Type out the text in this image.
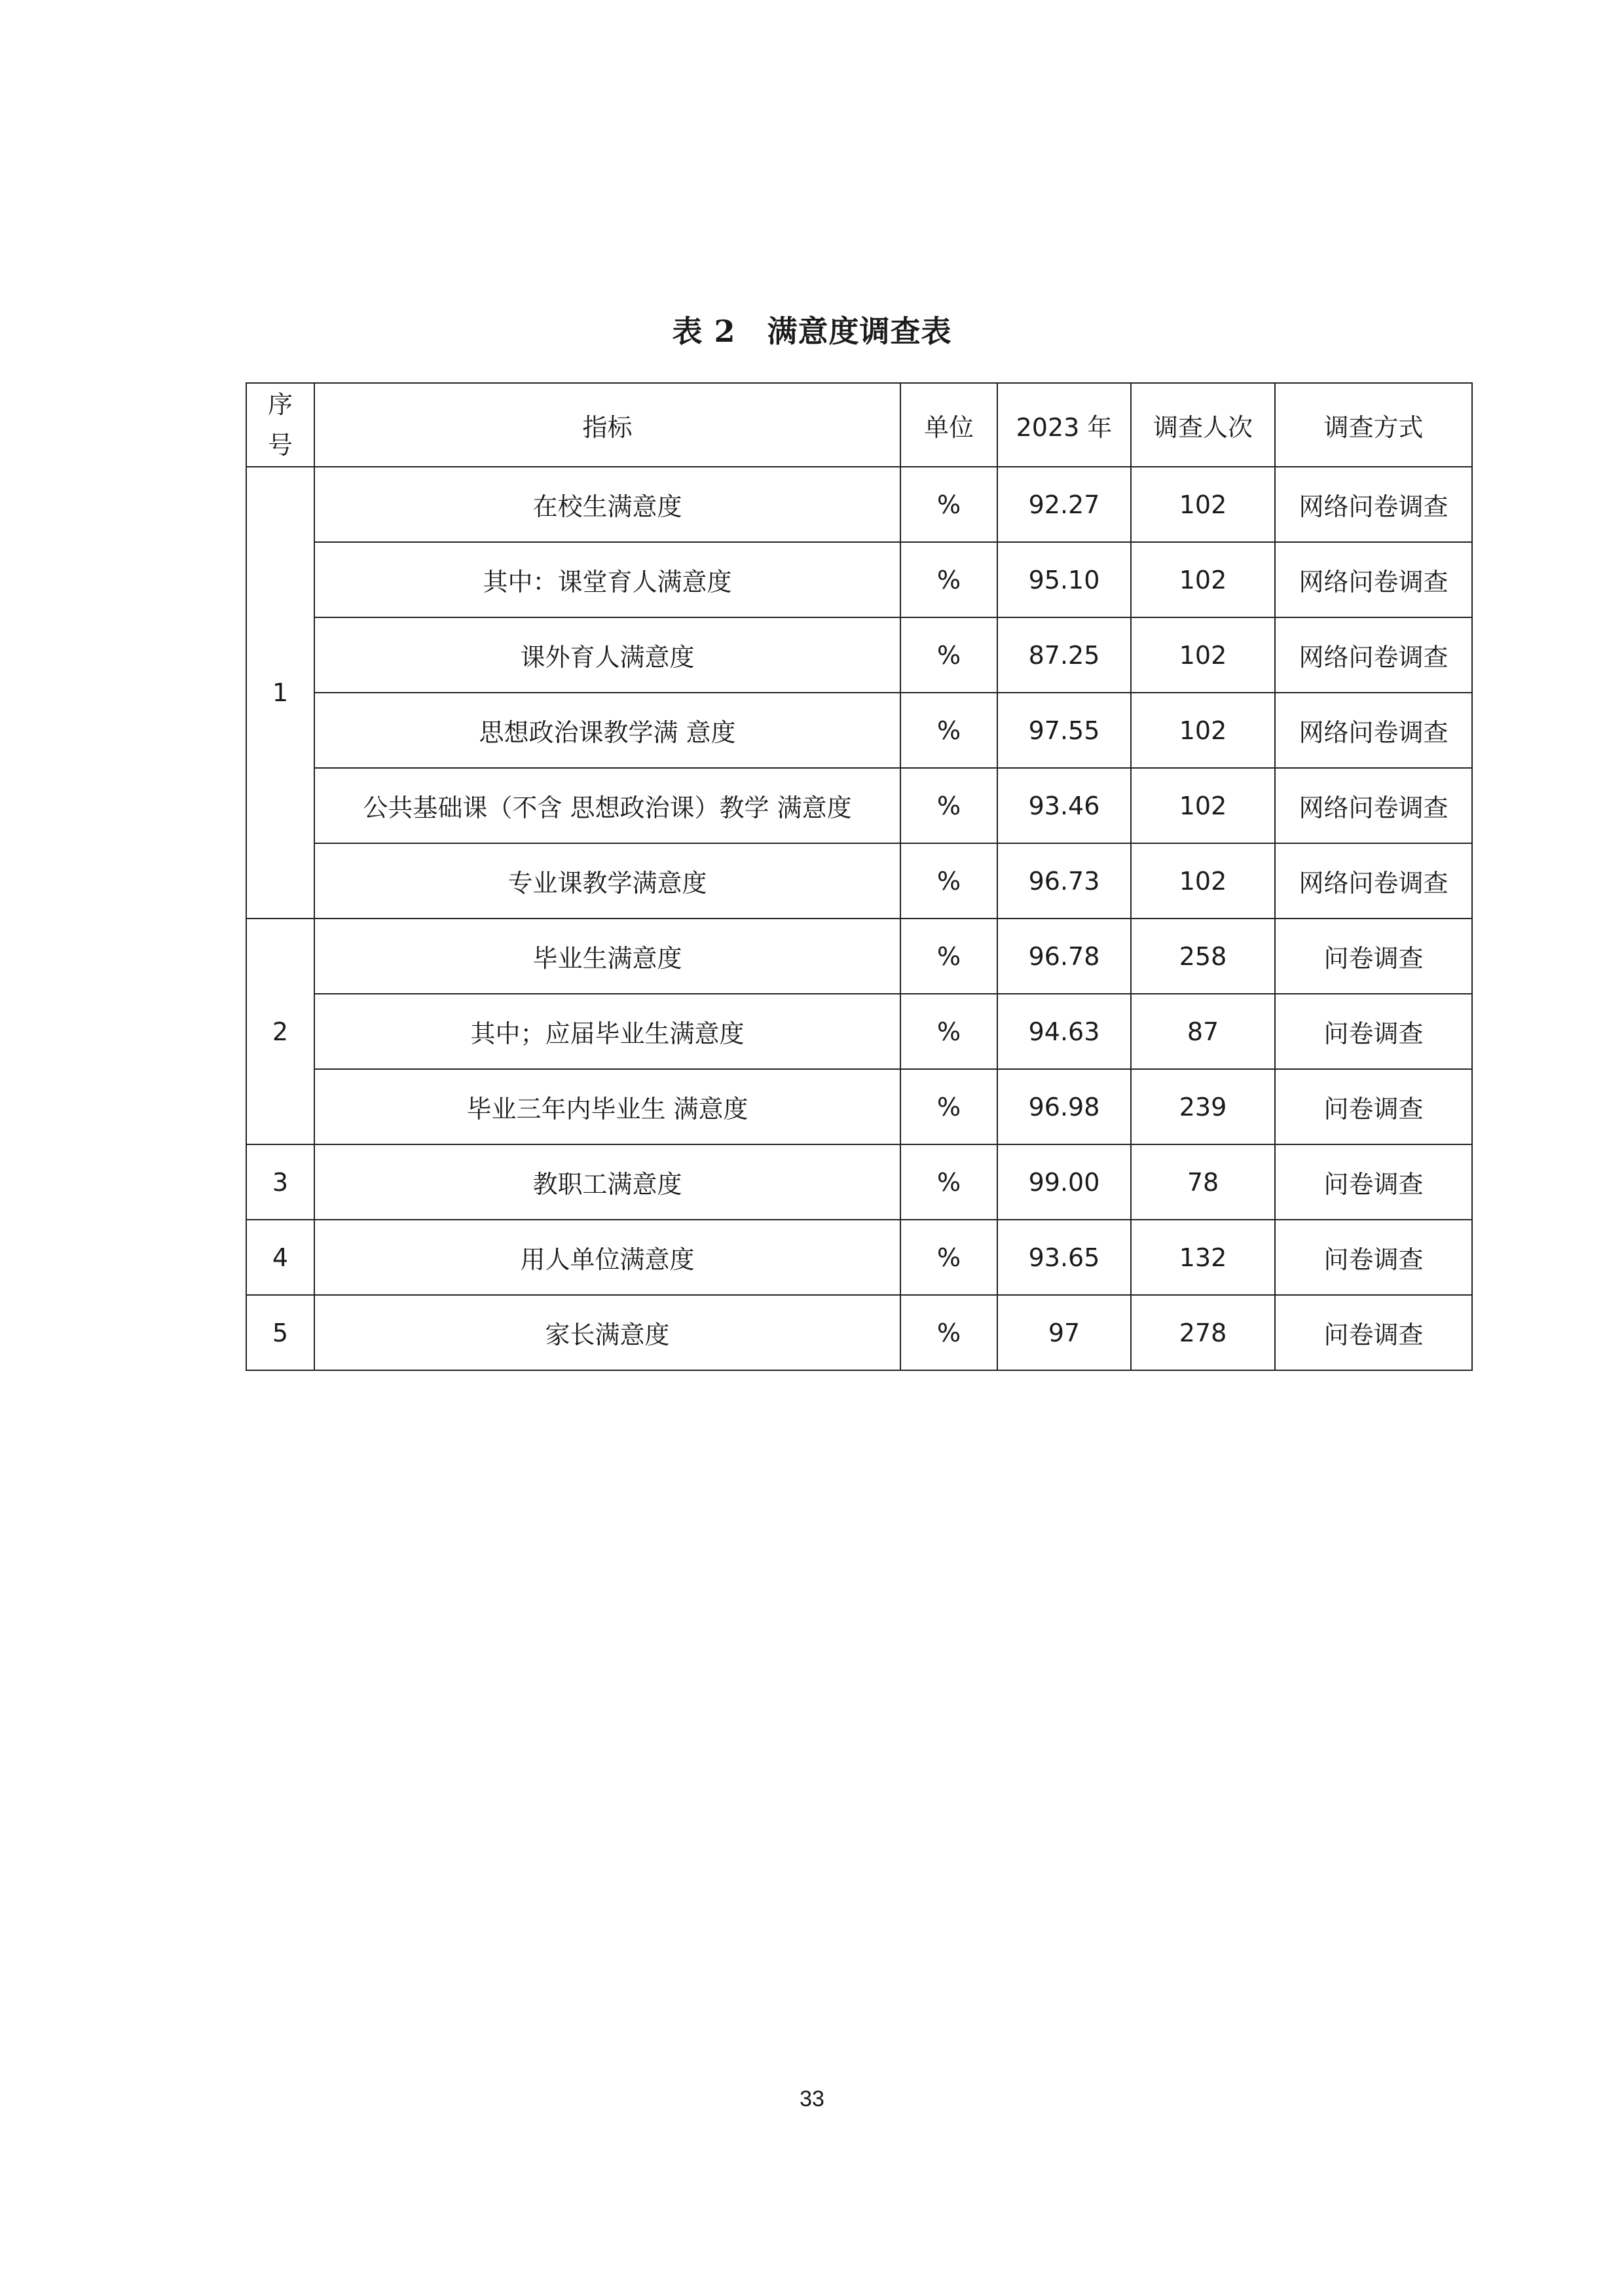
表 2 满意度调查表
序
号	指标	单位	2023 年	调查人次	调查方式
1	在校生满意度	%	92.27	102	网络问卷调查
	其中：课堂育人满意度	%	95.10	102	网络问卷调查
	课外育人满意度	%	87.25	102	网络问卷调查
	思想政治课教学满 意度	%	97.55	102	网络问卷调查
	公共基础课（不含 思想政治课）教学 满意度	%	93.46	102	网络问卷调查
	专业课教学满意度	%	96.73	102	网络问卷调查
2	毕业生满意度	%	96.78	258	问卷调查
	其中；应届毕业生满意度	%	94.63	87	问卷调查
	毕业三年内毕业生 满意度	%	96.98	239	问卷调查
3	教职工满意度	%	99.00	78	问卷调查
4	用人单位满意度	%	93.65	132	问卷调查
5	家长满意度	%	97	278	问卷调查
33
